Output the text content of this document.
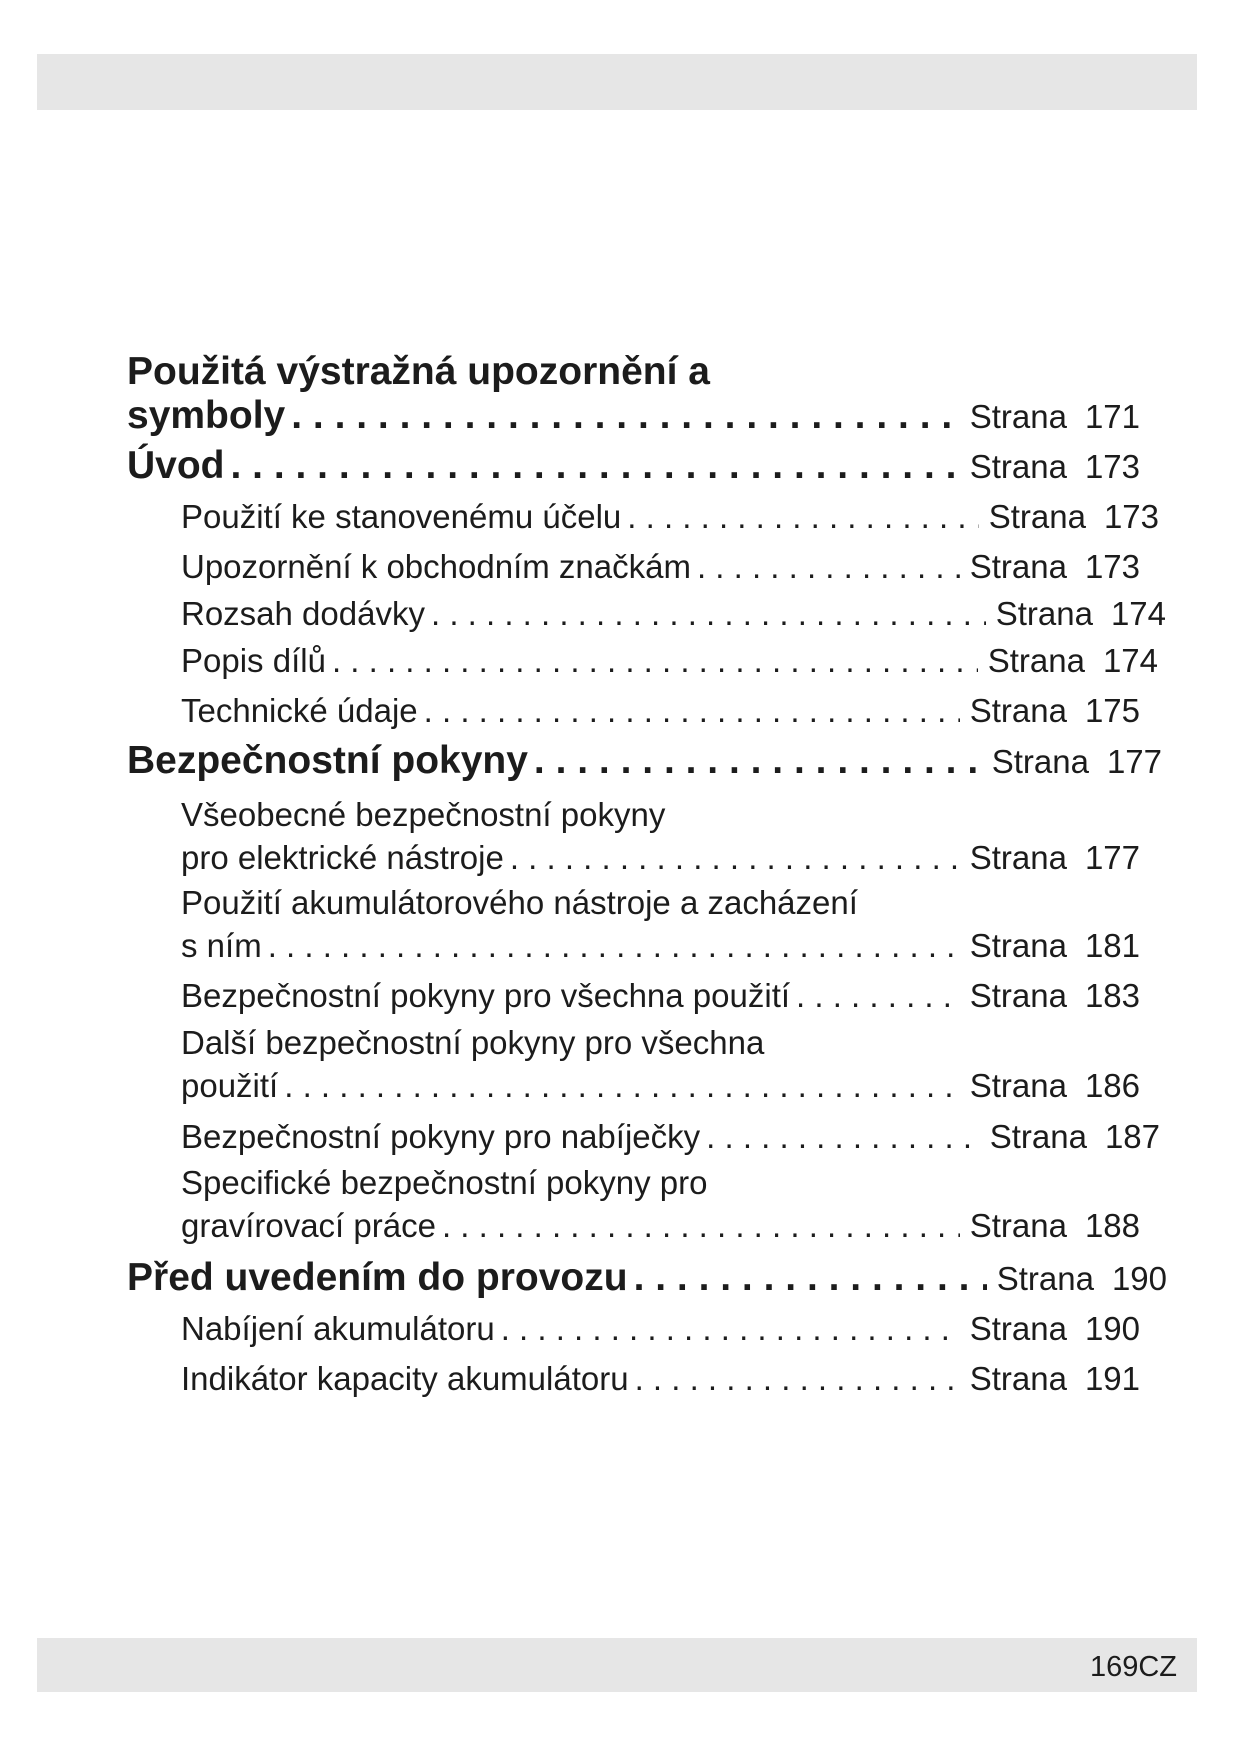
Použitá výstražná upozornění a
symboly . . .	Strana 171
Úvod . . .	Strana 173
Použití ke stanovenému účelu . . .	Strana 173
Upozornění k obchodním značkám . . .	Strana 173
Rozsah dodávky . . .	Strana 174
Popis dílů . . .	Strana 174
Technické údaje . . .	Strana 175
Bezpečnostní pokyny . . .	Strana 177
Všeobecné bezpečnostní pokyny
pro elektrické nástroje . . .	Strana 177
Použití akumulátorového nástroje a zacházení
s ním . . .	Strana 181
Bezpečnostní pokyny pro všechna použití . . .	Strana 183
Další bezpečnostní pokyny pro všechna
použití . . .	Strana 186
Bezpečnostní pokyny pro nabíječky . . .	Strana 187
Specifické bezpečnostní pokyny pro
gravírovací práce . . .	Strana 188
Před uvedením do provozu . . .	Strana 190
Nabíjení akumulátoru . . .	Strana 190
Indikátor kapacity akumulátoru . . .	Strana 191
169CZ
